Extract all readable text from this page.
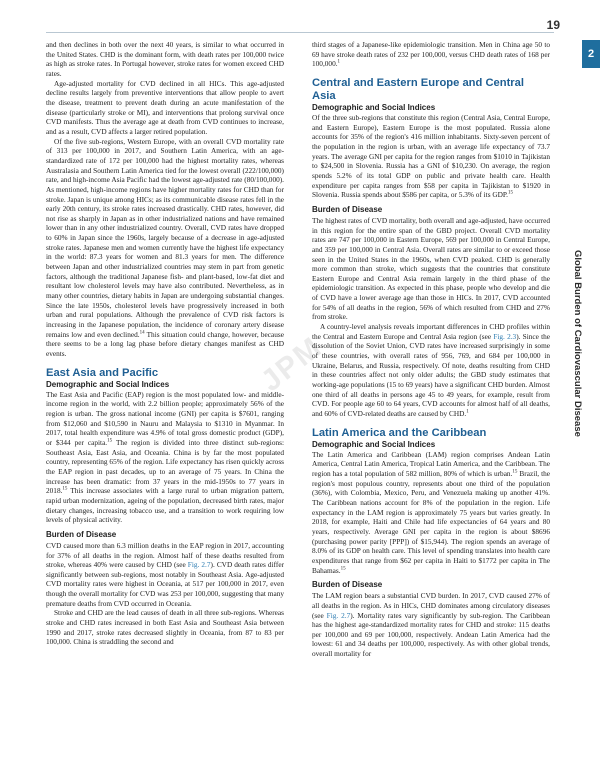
19
2
Global Burden of Cardiovascular Disease
JPM

and then declines in both over the next 40 years, is similar to what occurred in the United States. CHD is the dominant form, with death rates per 100,000 twice as high as stroke rates. In Portugal however, stroke rates for women exceed CHD rates.

Age-adjusted mortality for CVD declined in all HICs. This age-adjusted decline results largely from preventive interventions that allow people to avert the disease, treatment to prevent death during an acute manifestation of the disease (particularly stroke or MI), and interventions that prolong survival once CVD manifests. Thus the average age at death from CVD continues to increase, and as a result, CVD affects a larger retired population.

Of the five sub-regions, Western Europe, with an overall CVD mortality rate of 313 per 100,000 in 2017, and Southern Latin America, with an age-standardized rate of 172 per 100,000 had the highest mortality rates, whereas Australasia and Southern Latin America tied for the lowest overall (222/100,000) rate, and high-income Asia Pacific had the lowest age-adjusted rate (80/100,000). As mentioned, high-income regions have higher mortality rates for CHD than for stroke. Japan is unique among HICs; as its communicable disease rates fell in the early 20th century, its stroke rates increased drastically. CHD rates, however, did not rise as sharply in Japan as in other industrialized nations and have remained lower than in any other industrialized country. Overall, CVD rates have dropped to 60% in Japan since the 1960s, largely because of a decrease in age-adjusted stroke rates. Japanese men and women currently have the highest life expectancy in the world: 87.3 years for women and 81.3 years for men. The difference between Japan and other industrialized countries may stem in part from genetic factors, although the traditional Japanese fish- and plant-based, low-fat diet and resultant low cholesterol levels may have also contributed. Nevertheless, as in many other countries, dietary habits in Japan are undergoing substantial changes. Since the late 1950s, cholesterol levels have progressively increased in both urban and rural populations. Although the prevalence of CVD risk factors is increasing in the Japanese population, the incidence of coronary artery disease remains low and even declined.$^{14}$ This situation could change, however, because there seems to be a long lag phase before dietary changes manifest as CHD events.

East Asia and Pacific
Demographic and Social Indices

The East Asia and Pacific (EAP) region is the most populated low- and middle-income region in the world, with 2.2 billion people; approximately 56% of the region is urban. The gross national income (GNI) per capita is $7601, ranging from $12,060 and $10,590 in Nauru and Malaysia to $1310 in Myanmar. In 2017, total health expenditure was 4.9% of total gross domestic product (GDP), or $344 per capita.$^{15}$ The region is divided into three distinct sub-regions: Southeast Asia, East Asia, and Oceania. China is by far the most populated country, representing 65% of the region. Life expectancy has risen quickly across the EAP region in past decades, up to an average of 75 years. In China the increase has been dramatic: from 37 years in the mid-1950s to 77 years in 2018.15 This increase associates with a large rural to urban migration pattern, rapid urban modernization, ageing of the population, decreased birth rates, major dietary changes, increasing tobacco use, and a transition to work requiring low levels of physical activity.

Burden of Disease

CVD caused more than 6.3 million deaths in the EAP region in 2017, accounting for 37% of all deaths in the region. Almost half of these deaths resulted from stroke, whereas 40% were caused by CHD (see Fig. 2.7). CVD death rates differ significantly between sub-regions, most notably in Southeast Asia. Age-adjusted CVD mortality rates were highest in Oceania, at 517 per 100,000 in 2017, even though the overall mortality for CVD was 253 per 100,000, suggesting that many premature deaths from CVD occurred in Oceania.

Stroke and CHD are the lead causes of death in all three sub-regions. Whereas stroke and CHD rates increased in both East Asia and Southeast Asia between 1990 and 2017, stroke rates decreased slightly in Oceania, from 87 to 83 per 100,000. China is straddling the second and

third stages of a Japanese-like epidemiologic transition. Men in China age 50 to 69 have stroke death rates of 232 per 100,000, versus CHD death rates of 168 per 100,000.$^1$

Central and Eastern Europe and Central Asia
Demographic and Social Indices

Of the three sub-regions that constitute this region (Central Asia, Central Europe, and Eastern Europe), Eastern Europe is the most populated. Russia alone accounts for 35% of the region's 416 million inhabitants. Sixty-seven percent of the population in the region is urban, with an average life expectancy of 73.7 years. The average GNI per capita for the region ranges from $1010 in Tajikistan to $24,500 in Slovenia. Russia has a GNI of $10,230. On average, the region spends 5.2% of its total GDP on public and private health care. Health expenditure per capita ranges from $58 per capita in Tajikistan to $1920 in Slovenia. Russia spends about $586 per capita, or 5.3% of its GDP.$^{15}$

Burden of Disease

The highest rates of CVD mortality, both overall and age-adjusted, have occurred in this region for the entire span of the GBD project. Overall CVD mortality rates are 747 per 100,000 in Eastern Europe, 569 per 100,000 in Central Europe, and 359 per 100,000 in Central Asia. Overall rates are similar to or exceed those seen in the United States in the 1960s, when CVD peaked. CHD is generally more common than stroke, which suggests that the countries that constitute Eastern Europe and Central Asia remain largely in the third phase of the epidemiologic transition. As expected in this phase, people who develop and die of CVD have a lower average age than those in HICs. In 2017, CVD accounted for 54% of all deaths in the region, 56% of which resulted from CHD and 27% from stroke.

A country-level analysis reveals important differences in CHD profiles within the Central and Eastern Europe and Central Asia region (see Fig. 2.3). Since the dissolution of the Soviet Union, CVD rates have increased surprisingly in some of these countries, with overall rates of 956, 769, and 684 per 100,000 in Ukraine, Belarus, and Russia, respectively. Of note, deaths resulting from CHD in these countries affect not only older adults; the GBD study estimates that working-age populations (15 to 69 years) have a significant CHD burden. Almost one third of all deaths in persons age 45 to 49 years, for example, result from CVD. For people age 60 to 64 years, CVD accounts for almost half of all deaths, and 60% of CVD-related deaths are caused by CHD.$^1$

Latin America and the Caribbean
Demographic and Social Indices

The Latin America and Caribbean (LAM) region comprises Andean Latin America, Central Latin America, Tropical Latin America, and the Caribbean. The region has a total population of 582 million, 80% of which is urban.$^{15}$ Brazil, the region's most populous country, represents about one third of the population (36%), with Colombia, Mexico, Peru, and Venezuela making up another 41%. The Caribbean nations account for 8% of the population in the region. Life expectancy in the LAM region is approximately 75 years but varies greatly. In 2018, for example, Haiti and Chile had life expectancies of 64 years and 80 years, respectively. Average GNI per capita in the region is about $8696 (purchasing power parity [PPP]) of $15,944). The region spends an average of 8.0% of its GDP on health care. This level of spending translates into health care expenditures that range from $62 per capita in Haiti to $1772 per capita in The Bahamas.$^{15}$

Burden of Disease

The LAM region bears a substantial CVD burden. In 2017, CVD caused 27% of all deaths in the region. As in HICs, CHD dominates among circulatory diseases (see Fig. 2.7). Mortality rates vary significantly by sub-region. The Caribbean has the highest age-standardized mortality rates for CHD and stroke: 115 deaths per 100,000 and 69 per 100,000, respectively. Andean Latin America had the lowest: 61 and 34 deaths per 100,000, respectively. As with other global trends, overall mortality for
